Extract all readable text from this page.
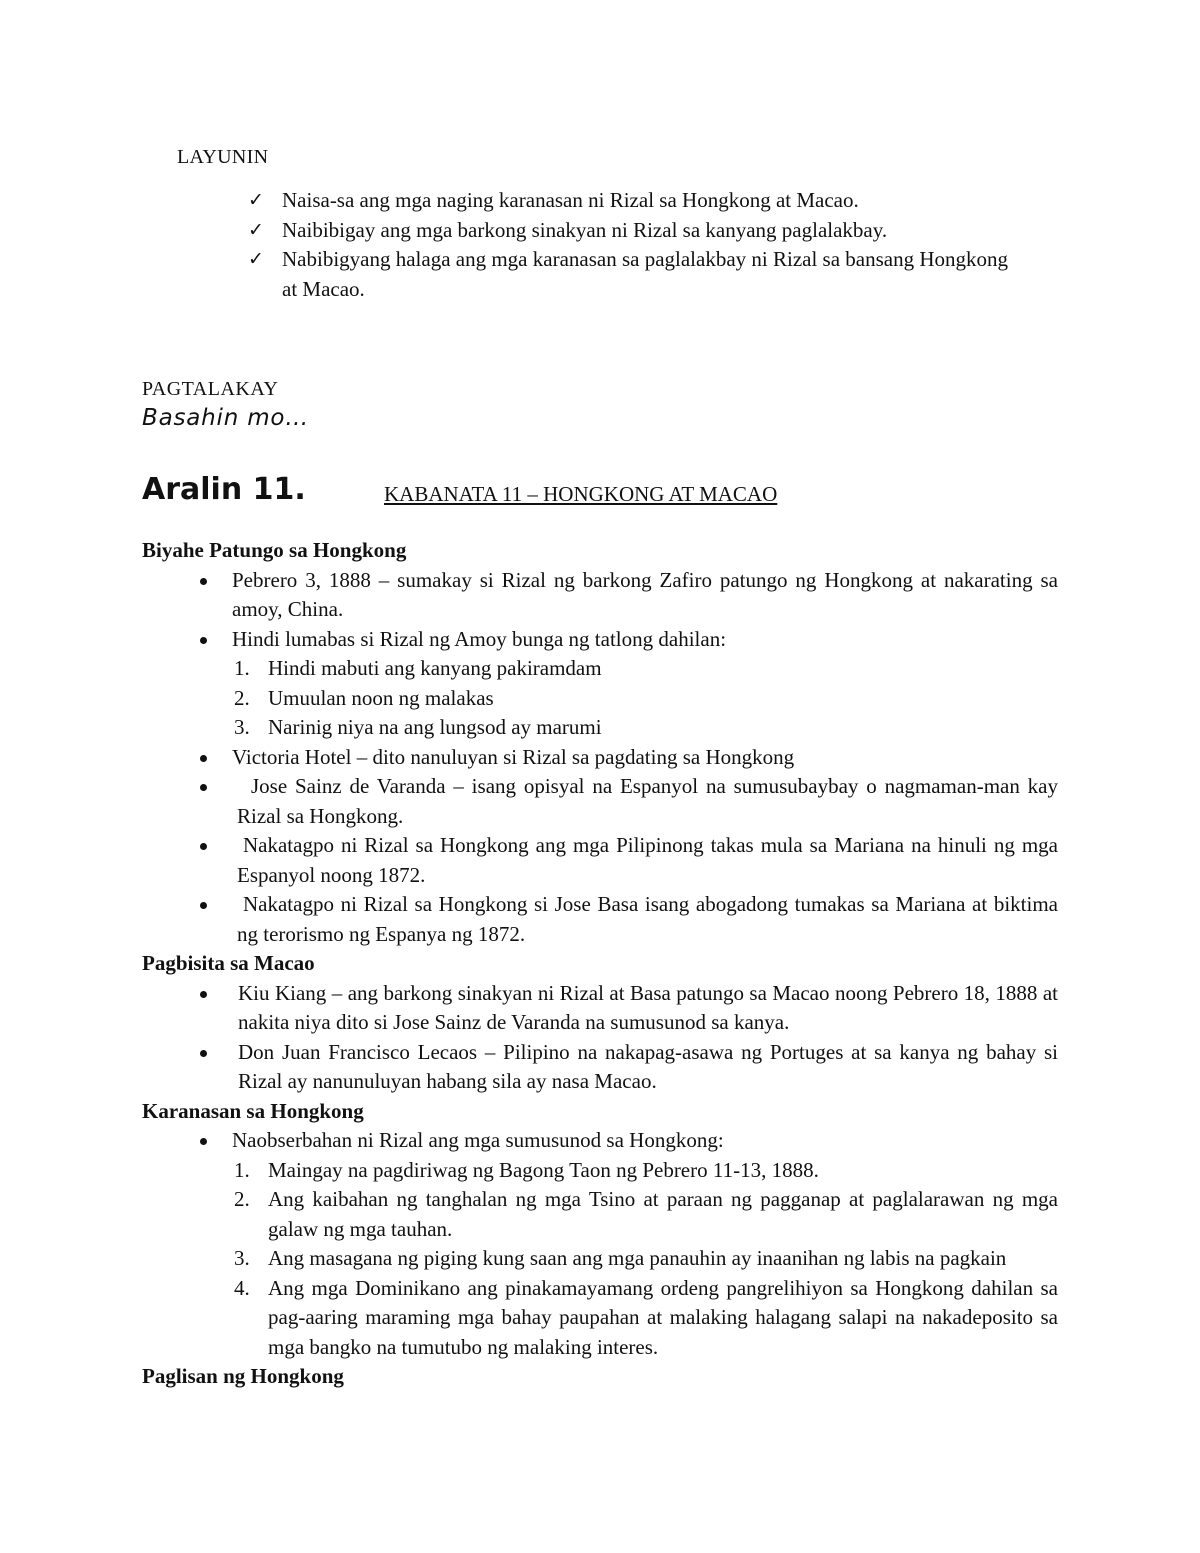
LAYUNIN
✓ Naisa-sa ang mga naging karanasan ni Rizal sa Hongkong at Macao.
✓ Naibibigay ang mga barkong sinakyan ni Rizal sa kanyang paglalakbay.
✓ Nabibigyang halaga ang mga karanasan sa paglalakbay ni Rizal sa bansang Hongkong at Macao.
PAGTALAKAY
Basahin mo…
Aralin 11.	KABANATA 11 – HONGKONG AT MACAO
Biyahe Patungo sa Hongkong
Pebrero 3, 1888 – sumakay si Rizal ng barkong Zafiro patungo ng Hongkong at nakarating sa amoy, China.
Hindi lumabas si Rizal ng Amoy bunga ng tatlong dahilan:
1. Hindi mabuti ang kanyang pakiramdam
2. Umuulan noon ng malakas
3. Narinig niya na ang lungsod ay marumi
Victoria Hotel – dito nanuluyan si Rizal sa pagdating sa Hongkong
Jose Sainz de Varanda – isang opisyal na Espanyol na sumusubaybay o nagmaman-man kay Rizal sa Hongkong.
Nakatagpo ni Rizal sa Hongkong ang mga Pilipinong takas mula sa Mariana na hinuli ng mga Espanyol noong 1872.
Nakatagpo ni Rizal sa Hongkong si Jose Basa isang abogadong tumakas sa Mariana at biktima ng terorismo ng Espanya ng 1872.
Pagbisita sa Macao
Kiu Kiang – ang barkong sinakyan ni Rizal at Basa patungo sa Macao noong Pebrero 18, 1888 at nakita niya dito si Jose Sainz de Varanda na sumusunod sa kanya.
Don Juan Francisco Lecaos – Pilipino na nakapag-asawa ng Portuges at sa kanya ng bahay si Rizal ay nanunuluyan habang sila ay nasa Macao.
Karanasan sa Hongkong
Naobserbahan ni Rizal ang mga sumusunod sa Hongkong:
1. Maingay na pagdiriwag ng Bagong Taon ng Pebrero 11-13, 1888.
2. Ang kaibahan ng tanghalan ng mga Tsino at paraan ng pagganap at paglalarawan ng mga galaw ng mga tauhan.
3. Ang masagana ng piging kung saan ang mga panauhin ay inaanihan ng labis na pagkain
4. Ang mga Dominikano ang pinakamayamang ordeng pangrelihiyon sa Hongkong dahilan sa pag-aaring maraming mga bahay paupahan at malaking halagang salapi na nakadeposito sa mga bangko na tumutubo ng malaking interes.
Paglisan ng Hongkong
